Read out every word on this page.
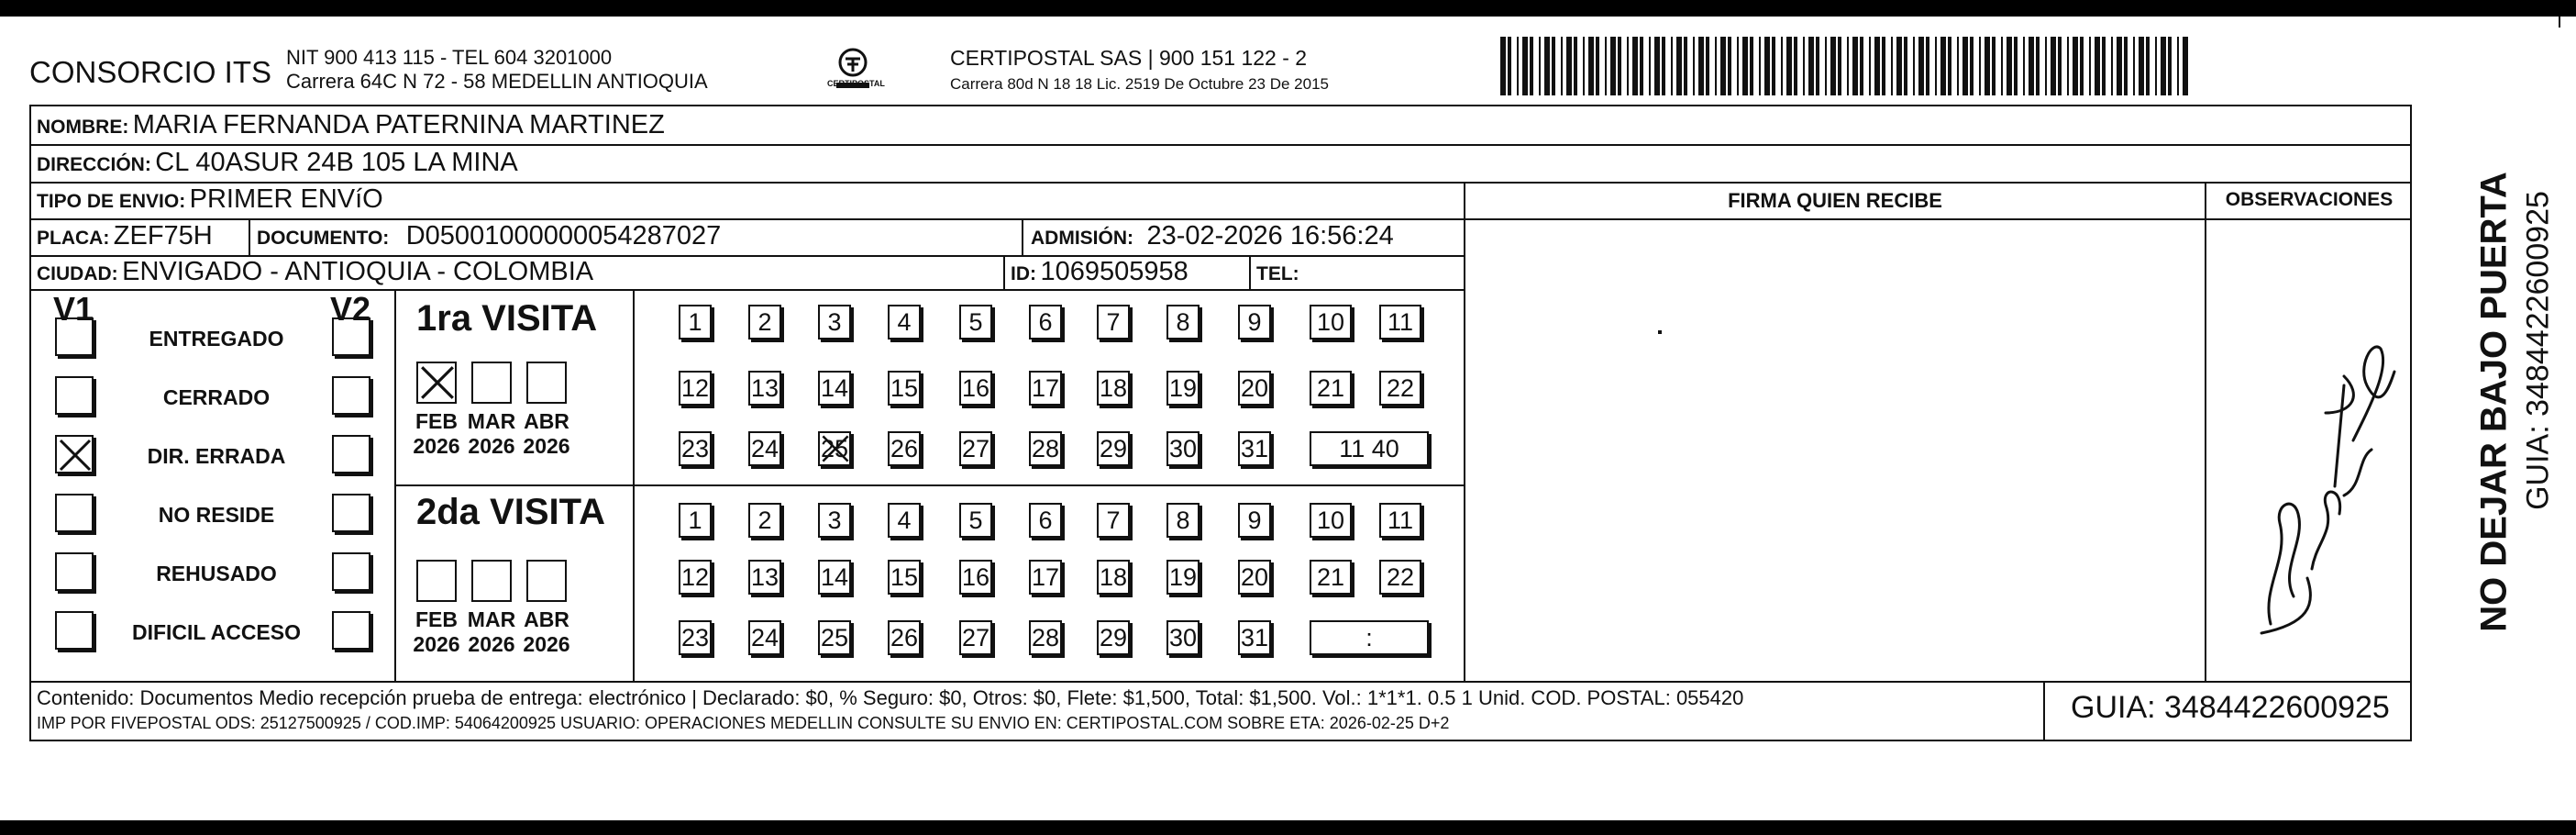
CONSORCIO ITS NIT 900 413 115 - TEL 604 3201000
Carrera 64C N 72 - 58 MEDELLIN ANTIOQUIA	CERTIPOSTAL
CERTIPOSTAL SAS | 900 151 122 - 2
Carrera 80d N 18 18 Lic. 2519 De Octubre 23 De 2015
NOMBRE: MARIA FERNANDA PATERNINA MARTINEZ
DIRECCIÓN: CL 40ASUR 24B 105 LA MINA
TIPO DE ENVIO: PRIMER ENVíO	FIRMA QUIEN RECIBE	OBSERVACIONES
PLACA: ZEF75H DOCUMENTO: D05001000000054287027	ADMISIÓN: 23-02-2026 16:56:24
CIUDAD: ENVIGADO - ANTIOQUIA - COLOMBIA	ID: 1069505958	TEL:
V1	V2
ENTREGADO
CERRADO
DIR. ERRADA
NO RESIDE
REHUSADO
DIFICIL ACCESO
1ra VISITA
FEB
2026
MAR
2026
ABR
2026
1	2	3	4	5	6	7	8	9	10	11
12 13 14 15 16 17 18 19 20 21 22
23 24 25 26 27 28 29 30 31	11 40
2da VISITA
FEB
2026
MAR
2026
ABR
2026
1	2	3	4	5	6	7	8	9	10	11
12 13 14 15 16 17 18 19 20 21 22
23 24 25 26 27 28 29 30 31	:
Contenido: Documentos Medio recepción prueba de entrega: electrónico | Declarado: $0, % Seguro: $0, Otros: $0, Flete: $1,500, Total: $1,500. Vol.: 1*1*1. 0.5 1 Unid. COD. POSTAL: 055420
IMP POR FIVEPOSTAL ODS: 25127500925 / COD.IMP: 54064200925 USUARIO: OPERACIONES MEDELLIN CONSULTE SU ENVIO EN: CERTIPOSTAL.COM SOBRE ETA: 2026-02-25 D+2	GUIA: 3484422600925
NO DEJAR BAJO PUERTA GUIA: 3484422600925
